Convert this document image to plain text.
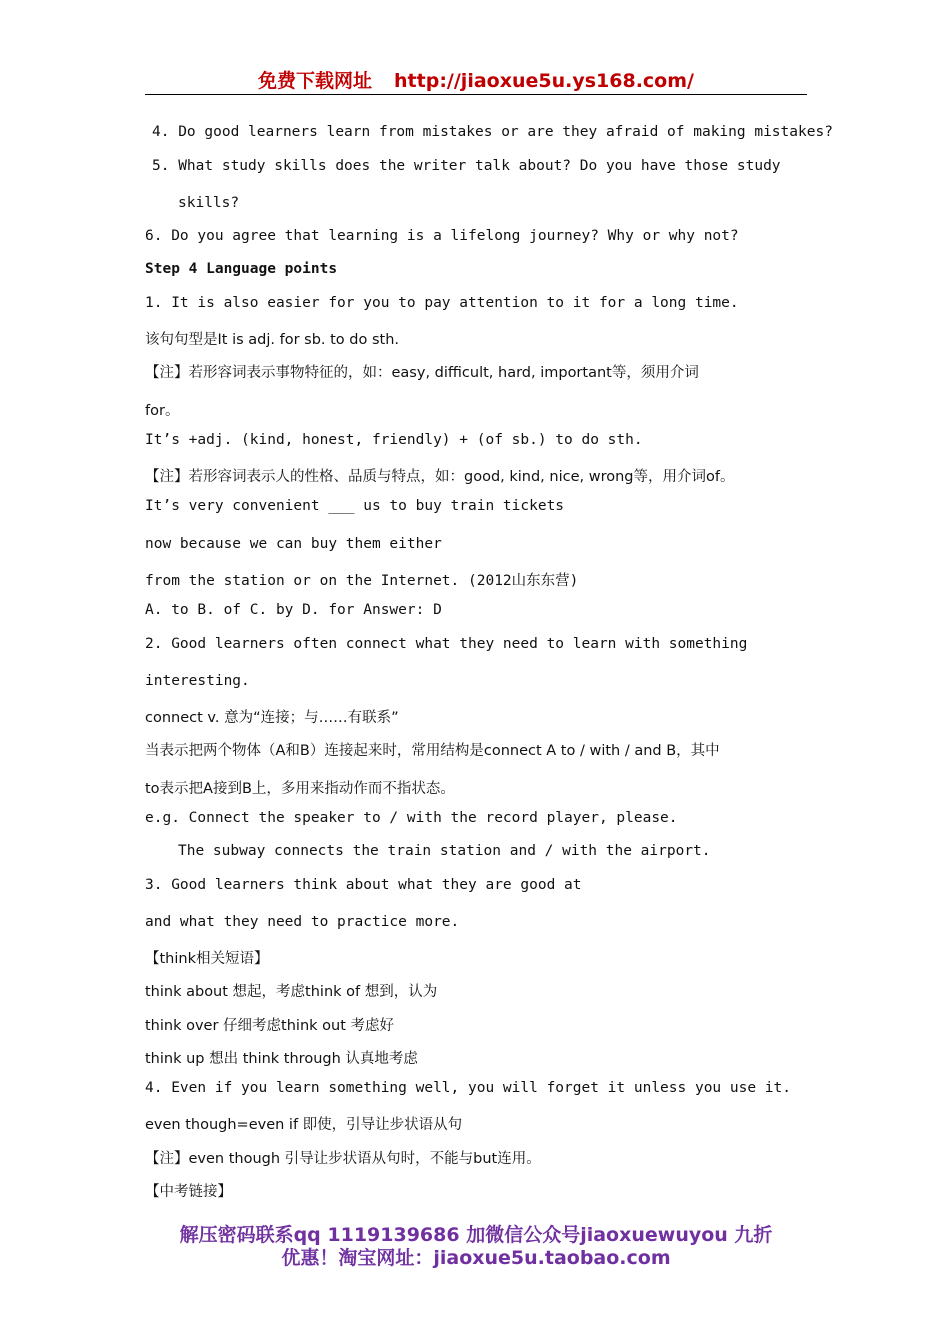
免费下载网址 http://jiaoxue5u.ys168.com/
4. Do good learners learn from mistakes or are they afraid of making mistakes?
5. What study skills does the writer talk about? Do you have those study
skills?
6. Do you agree that learning is a lifelong journey? Why or why not?
Step 4 Language points
1. It is also easier for you to pay attention to it for a long time.
该句句型是It is adj. for sb. to do sth.
【注】若形容词表示事物特征的，如：easy, difficult, hard, important等，须用介词
for。
It’s +adj. (kind, honest, friendly) + (of sb.) to do sth.
【注】若形容词表示人的性格、品质与特点，如：good, kind, nice, wrong等，用介词of。
It’s very convenient ___ us to buy train tickets
now because we can buy them either
from the station or on the Internet. (2012山东东营)
A. to B. of C. by D. for Answer: D
2. Good learners often connect what they need to learn with something
interesting.
connect v. 意为“连接；与……有联系”
当表示把两个物体（A和B）连接起来时，常用结构是connect A to / with / and B，其中
to表示把A接到B上，多用来指动作而不指状态。
e.g. Connect the speaker to / with the record player, please.
The subway connects the train station and / with the airport.
3. Good learners think about what they are good at
and what they need to practice more.
【think相关短语】
think about 想起，考虑think of 想到，认为
think over 仔细考虑think out 考虑好
think up 想出 think through 认真地考虑
4. Even if you learn something well, you will forget it unless you use it.
even though=even if 即使，引导让步状语从句
【注】even though 引导让步状语从句时，不能与but连用。
【中考链接】
解压密码联系qq 1119139686 加微信公众号jiaoxuewuyou 九折
优惠！淘宝网址：jiaoxue5u.taobao.com
